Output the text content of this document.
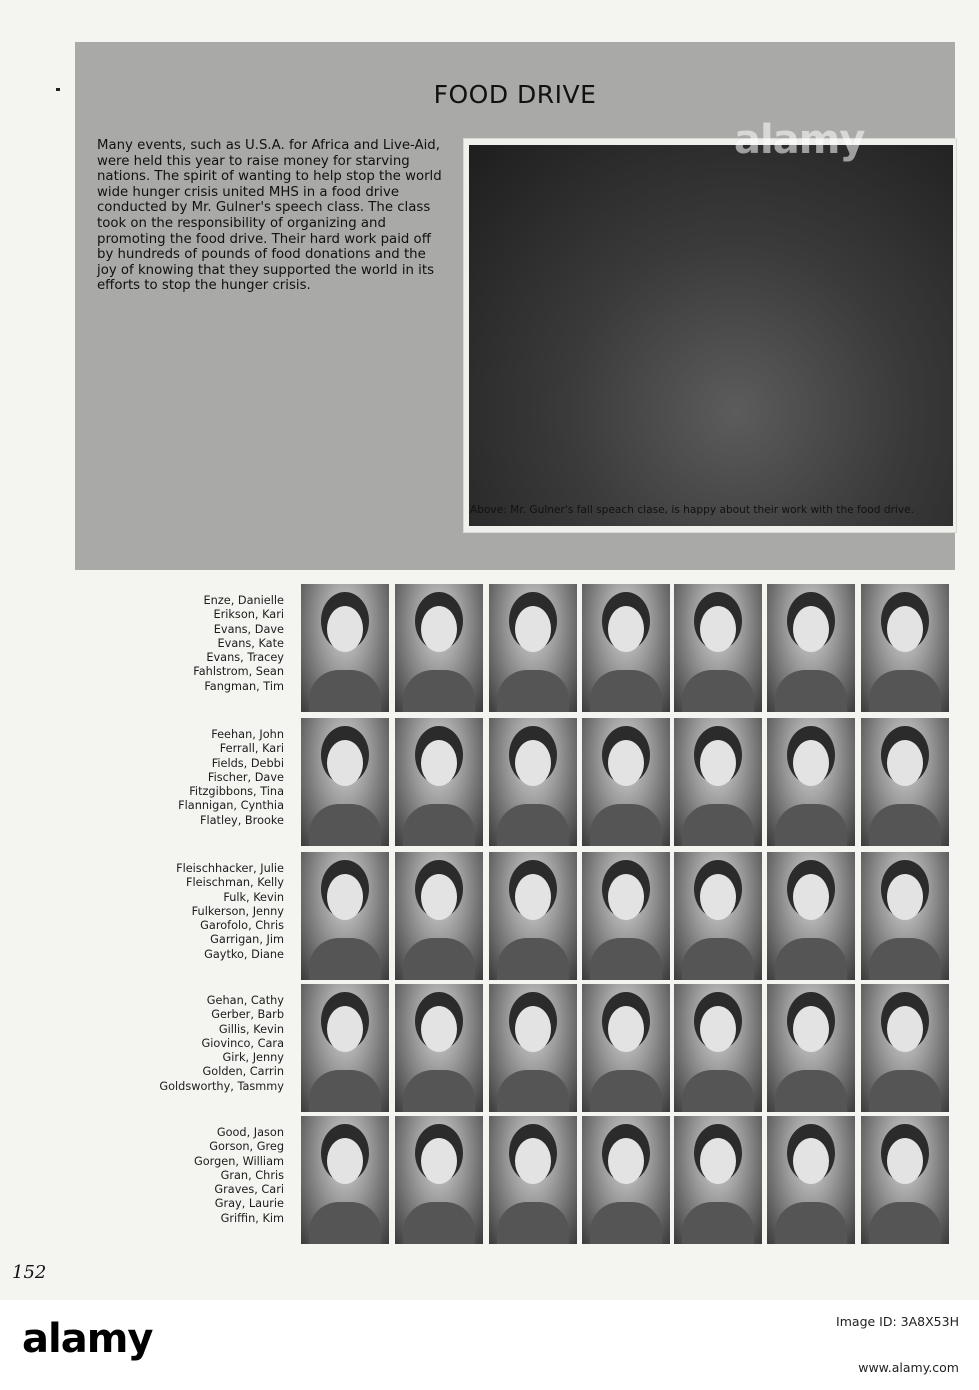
FOOD DRIVE
Many events, such as U.S.A. for Africa and Live-Aid, were held this year to raise money for starving nations. The spirit of wanting to help stop the world wide hunger crisis united MHS in a food drive conducted by Mr. Gulner's speech class. The class took on the responsibility of organizing and promoting the food drive. Their hard work paid off by hundreds of pounds of food donations and the joy of knowing that they supported the world in its efforts to stop the hunger crisis.
alamy
Above: Mr. Gulner's fall speach clase, is happy about their work with the food drive.
Enze, Danielle
Erikson, Kari
Evans, Dave
Evans, Kate
Evans, Tracey
Fahlstrom, Sean
Fangman, Tim
Feehan, John
Ferrall, Kari
Fields, Debbi
Fischer, Dave
Fitzgibbons, Tina
Flannigan, Cynthia
Flatley, Brooke
Fleischhacker, Julie
Fleischman, Kelly
Fulk, Kevin
Fulkerson, Jenny
Garofolo, Chris
Garrigan, Jim
Gaytko, Diane
Gehan, Cathy
Gerber, Barb
Gillis, Kevin
Giovinco, Cara
Girk, Jenny
Golden, Carrin
Goldsworthy, Tasmmy
Good, Jason
Gorson, Greg
Gorgen, William
Gran, Chris
Graves, Cari
Gray, Laurie
Griffin, Kim
152
alamy	Image ID: 3A8X53H
www.alamy.com
